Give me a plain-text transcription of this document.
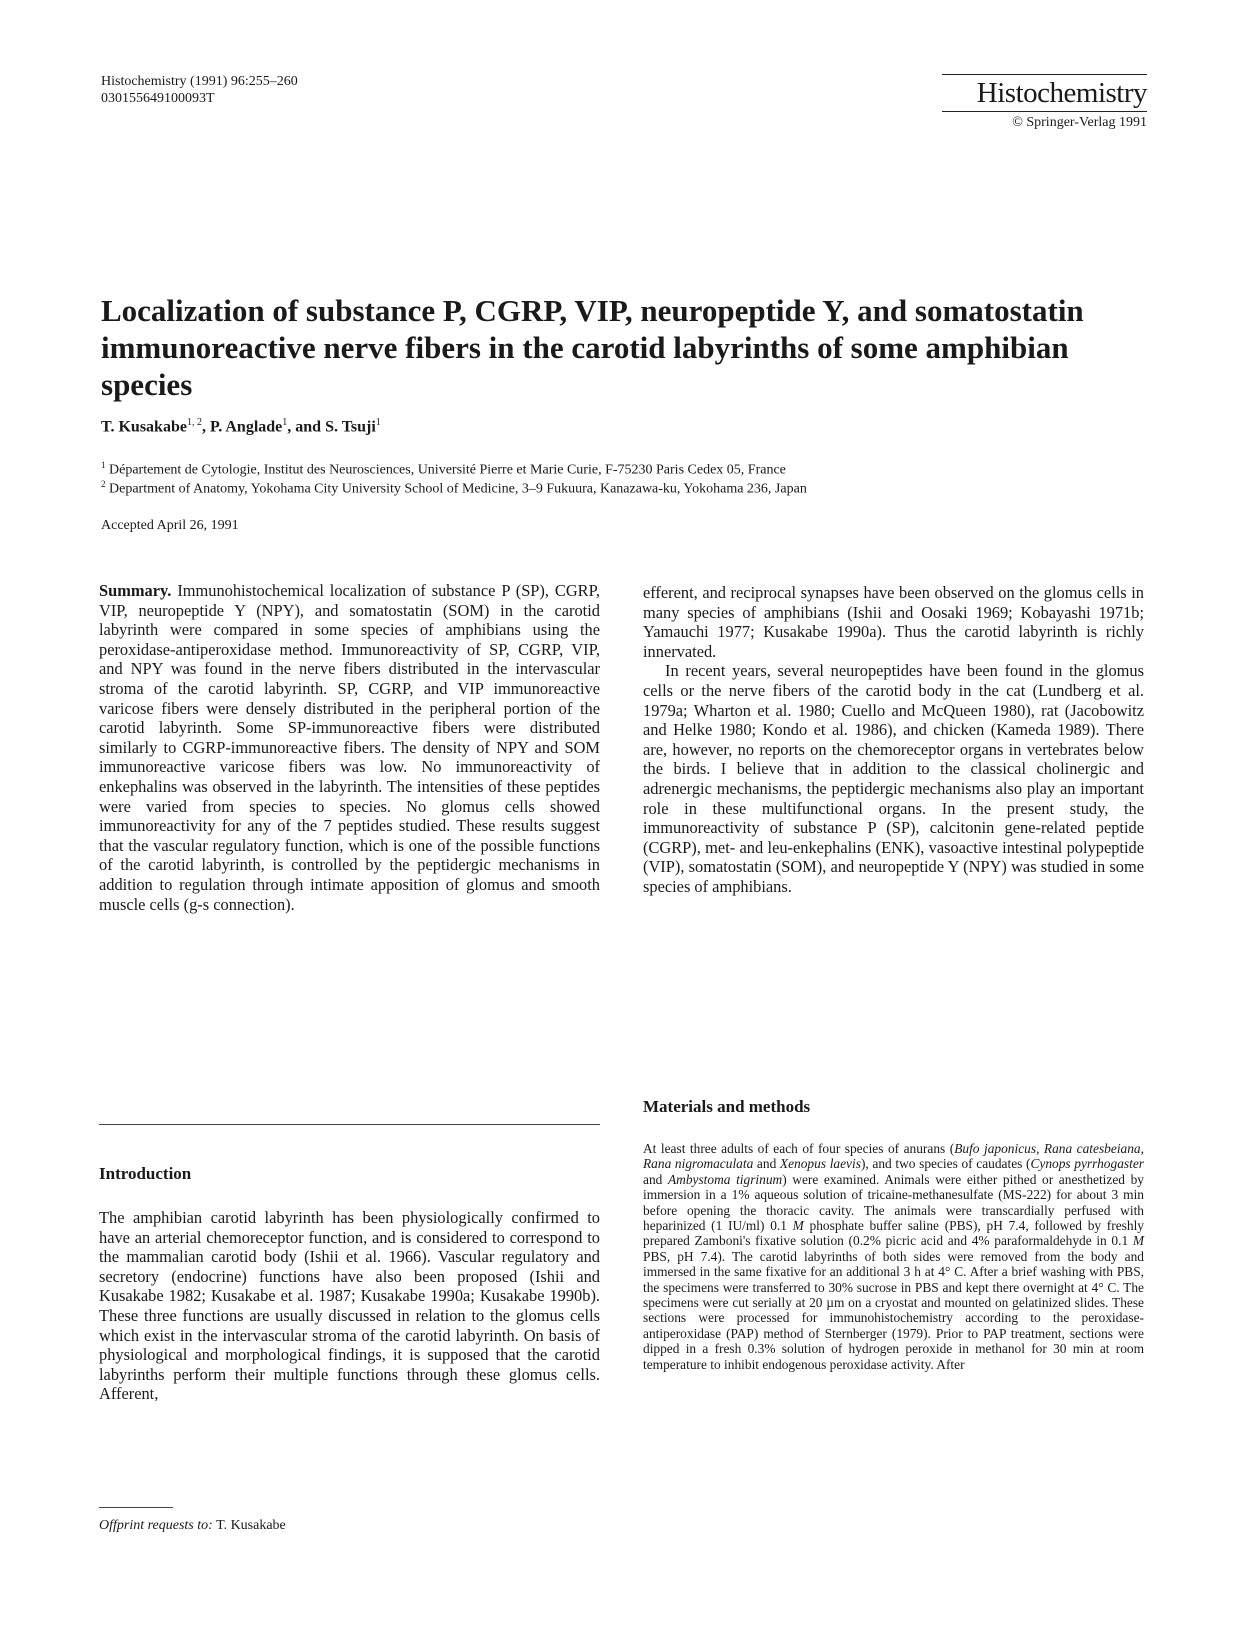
Histochemistry (1991) 96:255–260
030155649100093T	Histochemistry
© Springer-Verlag 1991
Localization of substance P, CGRP, VIP, neuropeptide Y, and somatostatin immunoreactive nerve fibers in the carotid labyrinths of some amphibian species
T. Kusakabe$^{1, 2}$, P. Anglade$^1$, and S. Tsuji$^1$
$^1$ Département de Cytologie, Institut des Neurosciences, Université Pierre et Marie Curie, F-75230 Paris Cedex 05, France
$^2$ Department of Anatomy, Yokohama City University School of Medicine, 3–9 Fukuura, Kanazawa-ku, Yokohama 236, Japan
Accepted April 26, 1991

Summary. Immunohistochemical localization of substance P (SP), CGRP, VIP, neuropeptide Y (NPY), and somatostatin (SOM) in the carotid labyrinth were compared in some species of amphibians using the peroxidase-antiperoxidase method. Immunoreactivity of SP, CGRP, VIP, and NPY was found in the nerve fibers distributed in the intervascular stroma of the carotid labyrinth. SP, CGRP, and VIP immunoreactive varicose fibers were densely distributed in the peripheral portion of the carotid labyrinth. Some SP-immunoreactive fibers were distributed similarly to CGRP-immunoreactive fibers. The density of NPY and SOM immunoreactive varicose fibers was low. No immunoreactivity of enkephalins was observed in the labyrinth. The intensities of these peptides were varied from species to species. No glomus cells showed immunoreactivity for any of the 7 peptides studied. These results suggest that the vascular regulatory function, which is one of the possible functions of the carotid labyrinth, is controlled by the peptidergic mechanisms in addition to regulation through intimate apposition of glomus and smooth muscle cells (g-s connection).

Introduction

The amphibian carotid labyrinth has been physiologically confirmed to have an arterial chemoreceptor function, and is considered to correspond to the mammalian carotid body (Ishii et al. 1966). Vascular regulatory and secretory (endocrine) functions have also been proposed (Ishii and Kusakabe 1982; Kusakabe et al. 1987; Kusakabe 1990a; Kusakabe 1990b). These three functions are usually discussed in relation to the glomus cells which exist in the intervascular stroma of the carotid labyrinth. On basis of physiological and morphological findings, it is supposed that the carotid labyrinths perform their multiple functions through these glomus cells. Afferent,

Offprint requests to: T. Kusakabe

efferent, and reciprocal synapses have been observed on the glomus cells in many species of amphibians (Ishii and Oosaki 1969; Kobayashi 1971b; Yamauchi 1977; Kusakabe 1990a). Thus the carotid labyrinth is richly innervated.

In recent years, several neuropeptides have been found in the glomus cells or the nerve fibers of the carotid body in the cat (Lundberg et al. 1979a; Wharton et al. 1980; Cuello and McQueen 1980), rat (Jacobowitz and Helke 1980; Kondo et al. 1986), and chicken (Kameda 1989). There are, however, no reports on the chemoreceptor organs in vertebrates below the birds. I believe that in addition to the classical cholinergic and adrenergic mechanisms, the peptidergic mechanisms also play an important role in these multifunctional organs. In the present study, the immunoreactivity of substance P (SP), calcitonin gene-related peptide (CGRP), met- and leu-enkephalins (ENK), vasoactive intestinal polypeptide (VIP), somatostatin (SOM), and neuropeptide Y (NPY) was studied in some species of amphibians.

Materials and methods

At least three adults of each of four species of anurans (Bufo japonicus, Rana catesbeiana, Rana nigromaculata and Xenopus laevis), and two species of caudates (Cynops pyrrhogaster and Ambystoma tigrinum) were examined. Animals were either pithed or anesthetized by immersion in a 1% aqueous solution of tricaine-methanesulfate (MS-222) for about 3 min before opening the thoracic cavity. The animals were transcardially perfused with heparinized (1 IU/ml) 0.1 M phosphate buffer saline (PBS), pH 7.4, followed by freshly prepared Zamboni's fixative solution (0.2% picric acid and 4% paraformaldehyde in 0.1 M PBS, pH 7.4). The carotid labyrinths of both sides were removed from the body and immersed in the same fixative for an additional 3 h at 4° C. After a brief washing with PBS, the specimens were transferred to 30% sucrose in PBS and kept there overnight at 4° C. The specimens were cut serially at 20 µm on a cryostat and mounted on gelatinized slides. These sections were processed for immunohistochemistry according to the peroxidase-antiperoxidase (PAP) method of Sternberger (1979). Prior to PAP treatment, sections were dipped in a fresh 0.3% solution of hydrogen peroxide in methanol for 30 min at room temperature to inhibit endogenous peroxidase activity. After
